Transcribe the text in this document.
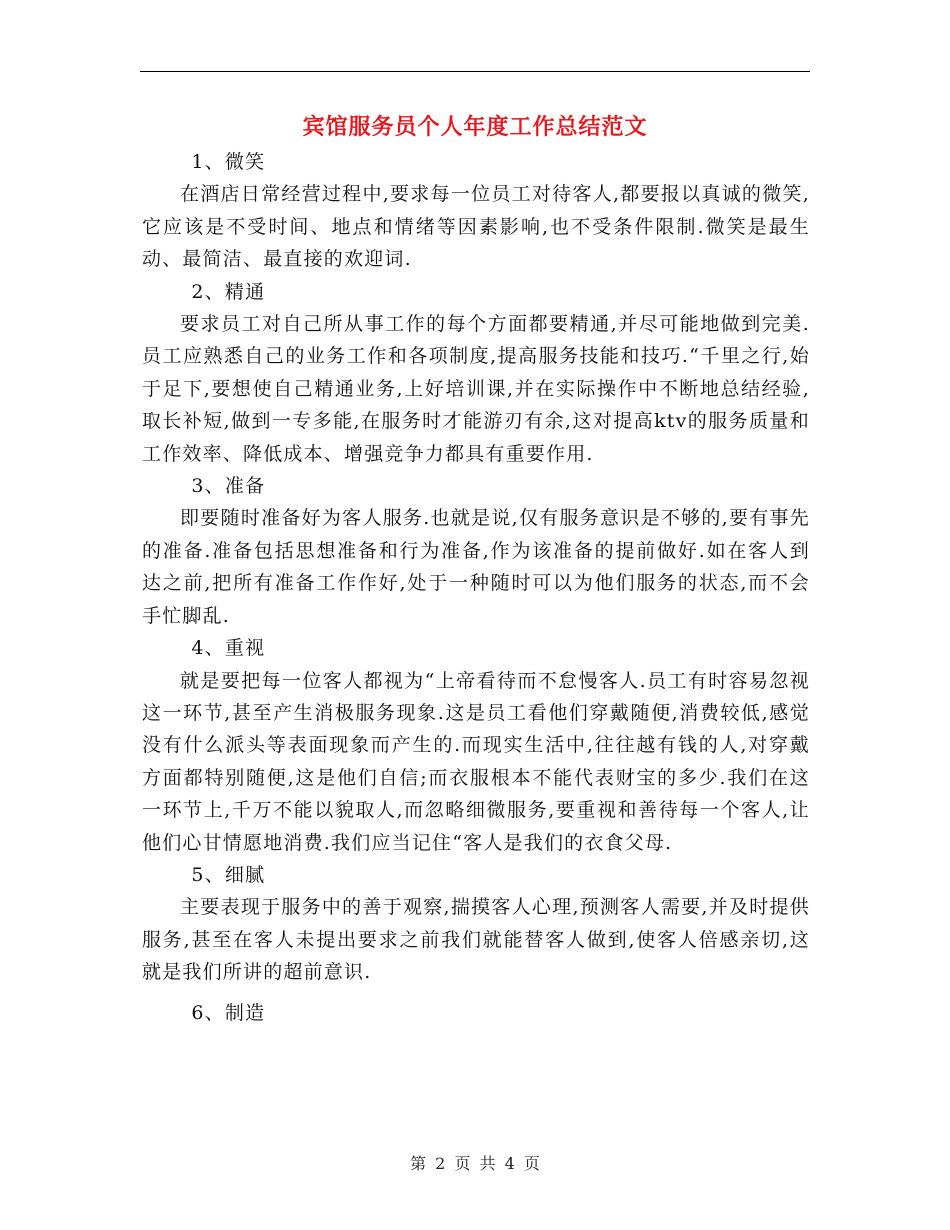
宾馆服务员个人年度工作总结范文

1、微笑

在酒店日常经营过程中,要求每一位员工对待客人,都要报以真诚的微笑,它应该是不受时间、地点和情绪等因素影响,也不受条件限制.微笑是最生动、最简洁、最直接的欢迎词.

2、精通

要求员工对自己所从事工作的每个方面都要精通,并尽可能地做到完美.员工应熟悉自己的业务工作和各项制度,提高服务技能和技巧.“千里之行,始于足下,要想使自己精通业务,上好培训课,并在实际操作中不断地总结经验,取长补短,做到一专多能,在服务时才能游刃有余,这对提高ktv的服务质量和工作效率、降低成本、增强竞争力都具有重要作用.

3、准备

即要随时准备好为客人服务.也就是说,仅有服务意识是不够的,要有事先的准备.准备包括思想准备和行为准备,作为该准备的提前做好.如在客人到达之前,把所有准备工作作好,处于一种随时可以为他们服务的状态,而不会手忙脚乱.

4、重视

就是要把每一位客人都视为“上帝看待而不怠慢客人.员工有时容易忽视这一环节,甚至产生消极服务现象.这是员工看他们穿戴随便,消费较低,感觉没有什么派头等表面现象而产生的.而现实生活中,往往越有钱的人,对穿戴方面都特别随便,这是他们自信;而衣服根本不能代表财宝的多少.我们在这一环节上,千万不能以貌取人,而忽略细微服务,要重视和善待每一个客人,让他们心甘情愿地消费.我们应当记住“客人是我们的衣食父母.

5、细腻

主要表现于服务中的善于观察,揣摸客人心理,预测客人需要,并及时提供服务,甚至在客人未提出要求之前我们就能替客人做到,使客人倍感亲切,这就是我们所讲的超前意识.

6、制造

第 2 页 共 4 页
